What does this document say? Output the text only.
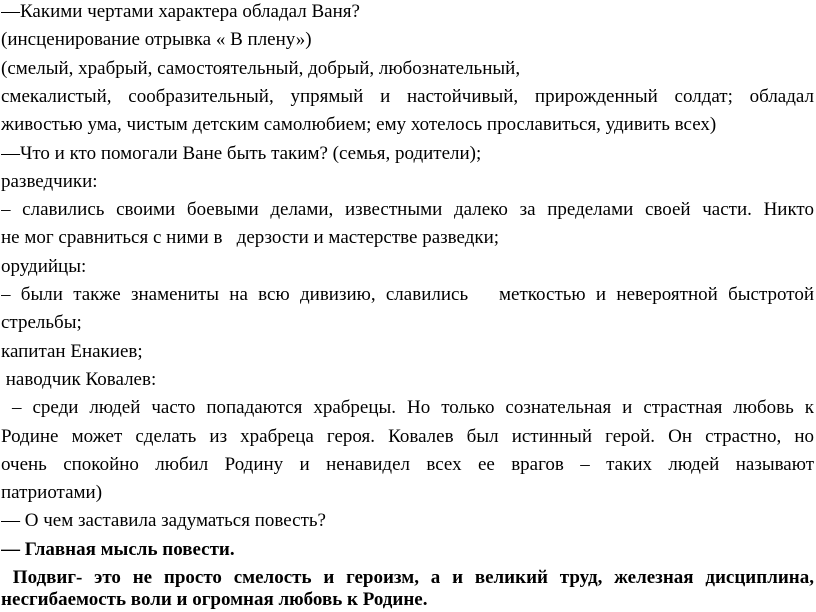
—Какими чертами характера обладал Ваня?
(инсценирование отрывка « В плену»)
(смелый, храбрый, самостоятельный, добрый, любознательный,
смекалистый, сообразительный, упрямый и настойчивый, прирожденный солдат; обладал
живостью ума, чистым детским самолюбием; ему хотелось прославиться, удивить всех)
—Что и кто помогали Ване быть таким? (семья, родители);
разведчики:
– славились своими боевыми делами, известными далеко за пределами своей части. Никто
не мог сравниться с ними в   дерзости и мастерстве разведки;
орудийцы:
– были также знамениты на всю дивизию, славились   меткостью и невероятной быстротой
стрельбы;
капитан Енакиев;
наводчик Ковалев:
– среди людей часто попадаются храбрецы. Но только сознательная и страстная любовь к
Родине может сделать из храбреца героя. Ковалев был истинный герой. Он страстно, но
очень спокойно любил Родину и ненавидел всех ее врагов – таких людей называют
патриотами)
— О чем заставила задуматься повесть?
— Главная мысль повести.
Подвиг- это не просто смелость и героизм, а и великий труд, железная дисциплина,
несгибаемость воли и огромная любовь к Родине.
